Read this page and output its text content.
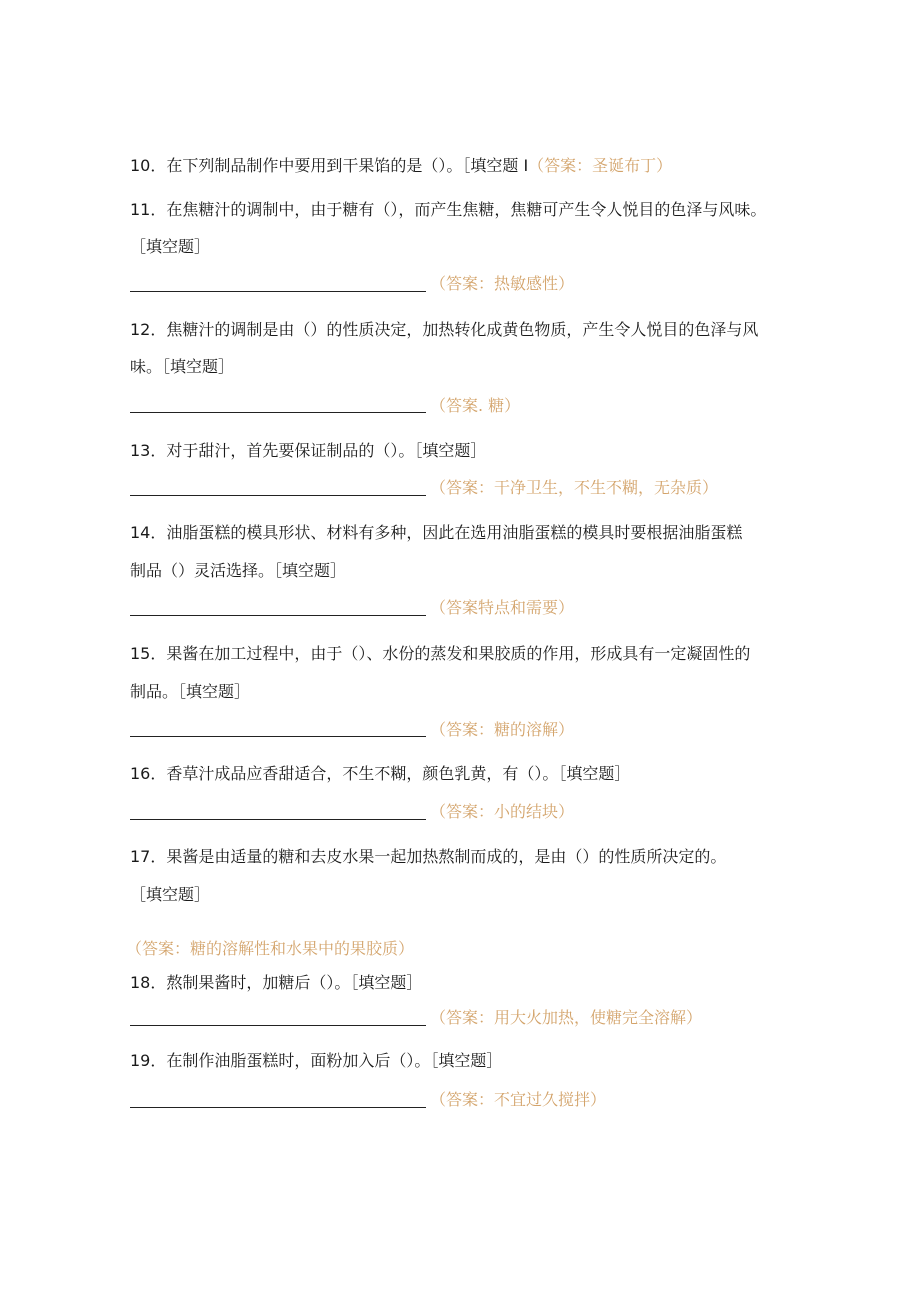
10．在下列制品制作中要用到干果馅的是（）。［填空题 I（答案：圣诞布丁）
11．在焦糖汁的调制中，由于糖有（），而产生焦糖，焦糖可产生令人悦目的色泽与风味。
［填空题］
（答案：热敏感性）
12．焦糖汁的调制是由（）的性质决定，加热转化成黄色物质，产生令人悦目的色泽与风
味。［填空题］
（答案. 糖）
13．对于甜汁，首先要保证制品的（）。［填空题］
（答案：干净卫生，不生不糊，无杂质）
14．油脂蛋糕的模具形状、材料有多种，因此在选用油脂蛋糕的模具时要根据油脂蛋糕
制品（）灵活选择。［填空题］
（答案特点和需要）
15．果酱在加工过程中，由于（）、水份的蒸发和果胶质的作用，形成具有一定凝固性的
制品。［填空题］
（答案：糖的溶解）
16．香草汁成品应香甜适合，不生不糊，颜色乳黄，有（）。［填空题］
（答案：小的结块）
17．果酱是由适量的糖和去皮水果一起加热熬制而成的，是由（）的性质所决定的。
［填空题］
（答案：糖的溶解性和水果中的果胶质）
18．熬制果酱时，加糖后（）。［填空题］
（答案：用大火加热，使糖完全溶解）
19．在制作油脂蛋糕时，面粉加入后（）。［填空题］
（答案：不宜过久搅拌）
